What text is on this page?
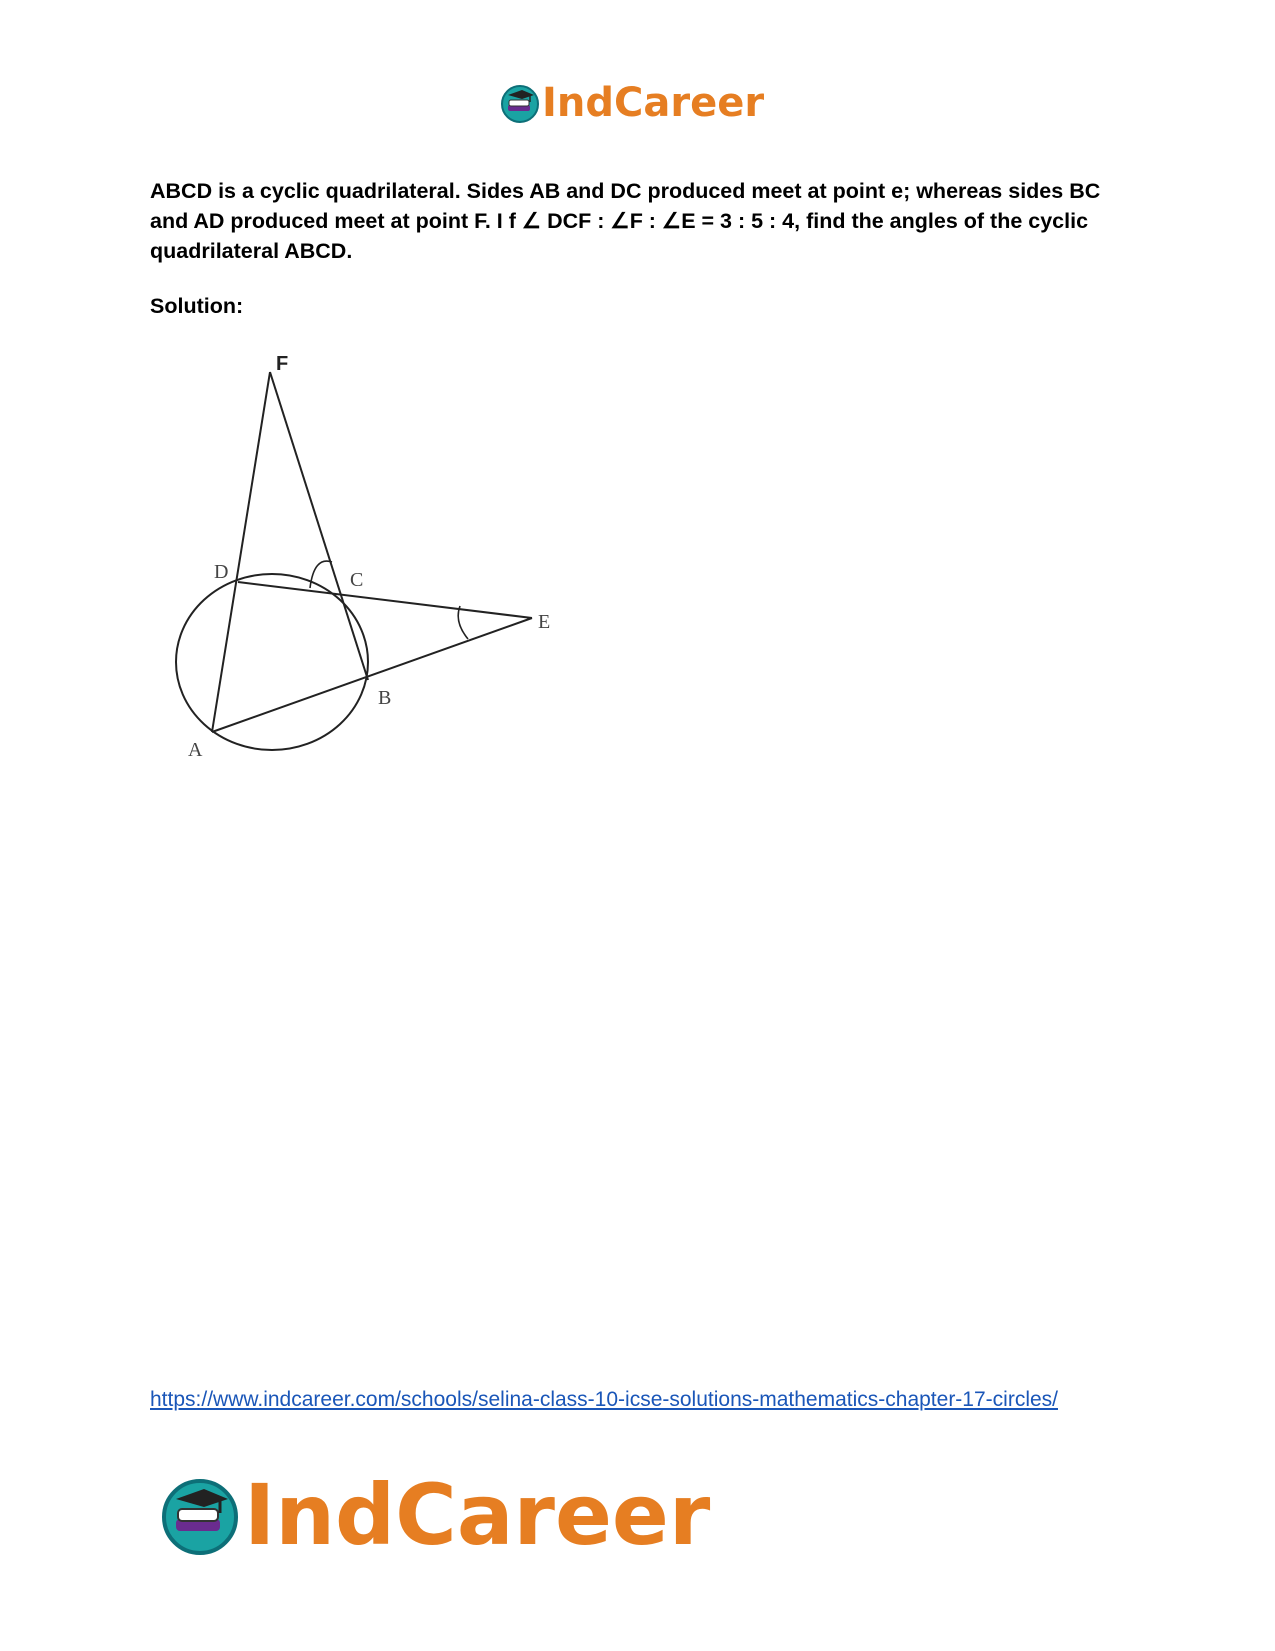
IndCareer

ABCD is a cyclic quadrilateral. Sides AB and DC produced meet at point e; whereas sides BC and AD produced meet at point F. I f ∠ DCF : ∠F : ∠E = 3 : 5 : 4, find the angles of the cyclic quadrilateral ABCD.

Solution:

F
D	C
E
B
A
https://www.indcareer.com/schools/selina-class-10-icse-solutions-mathematics-chapter-17-circles/
IndCareer
